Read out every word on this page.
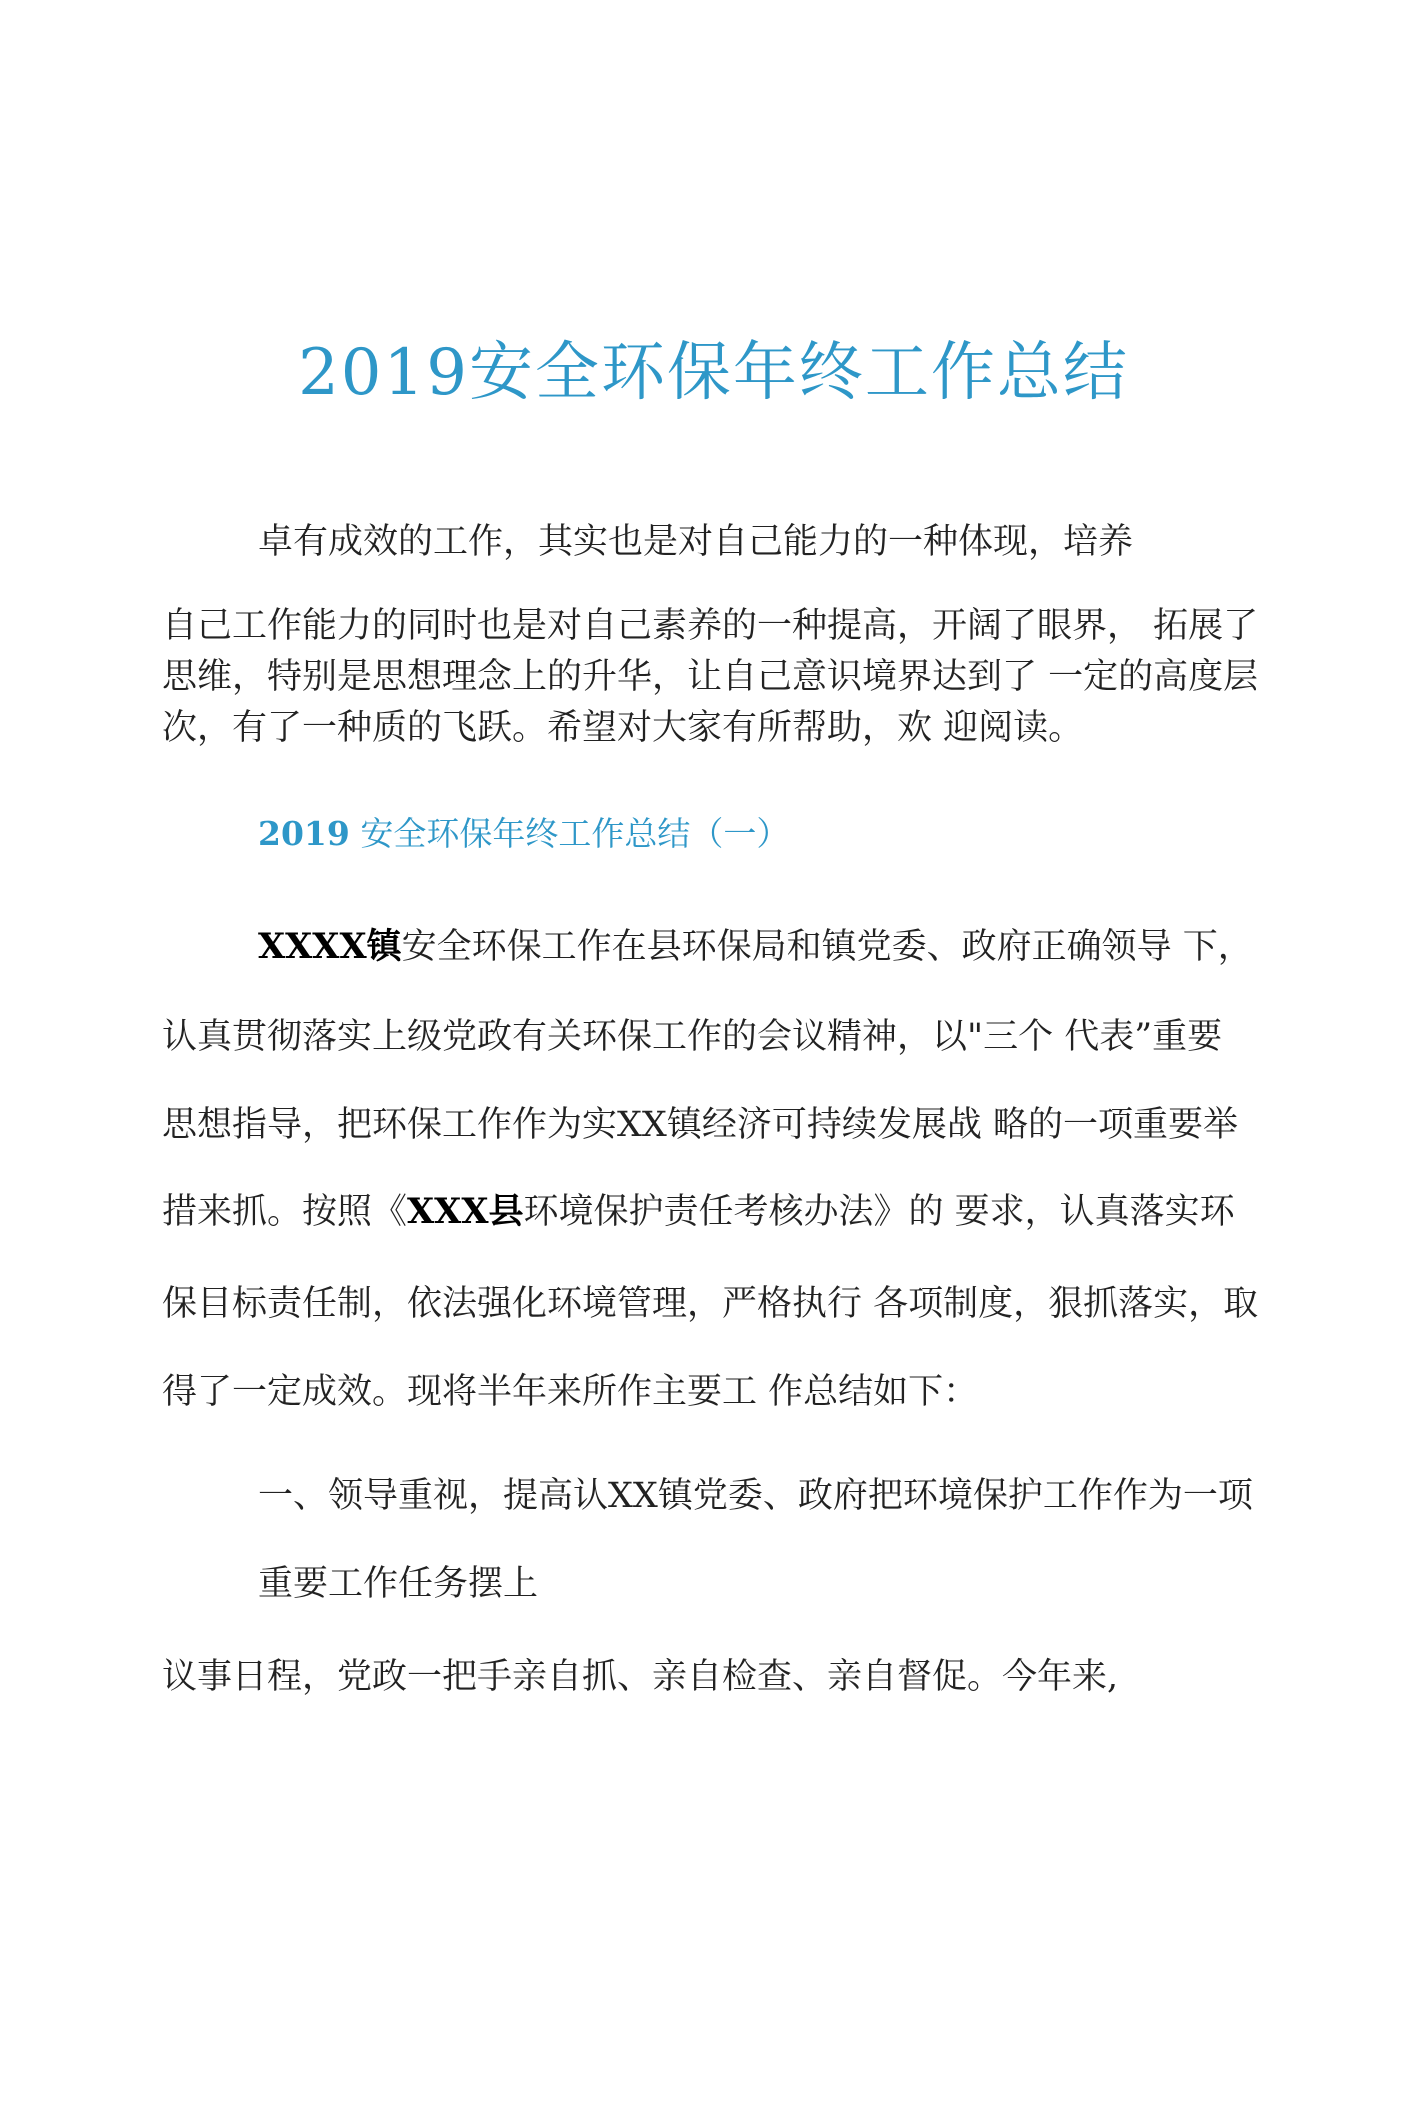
2019安全环保年终工作总结
卓有成效的工作，其实也是对自己能力的一种体现，培养
自己工作能力的同时也是对自己素养的一种提高，开阔了眼界， 拓展了
思维，特别是思想理念上的升华，让自己意识境界达到了 一定的高度层
次，有了一种质的飞跃。希望对大家有所帮助，欢 迎阅读。
2019 安全环保年终工作总结（一）
XXXX镇安全环保工作在县环保局和镇党委、政府正确领导 下，
认真贯彻落实上级党政有关环保工作的会议精神，以"三个 代表”重要
思想指导，把环保工作作为实XX镇经济可持续发展战 略的一项重要举
措来抓。按照《XXX县环境保护责任考核办法》的 要求，认真落实环
保目标责任制，依法强化环境管理，严格执行 各项制度，狠抓落实，取
得了一定成效。现将半年来所作主要工 作总结如下：
一、领导重视，提高认XX镇党委、政府把环境保护工作作为一项
重要工作任务摆上
议事日程，党政一把手亲自抓、亲自检查、亲自督促。今年来,
